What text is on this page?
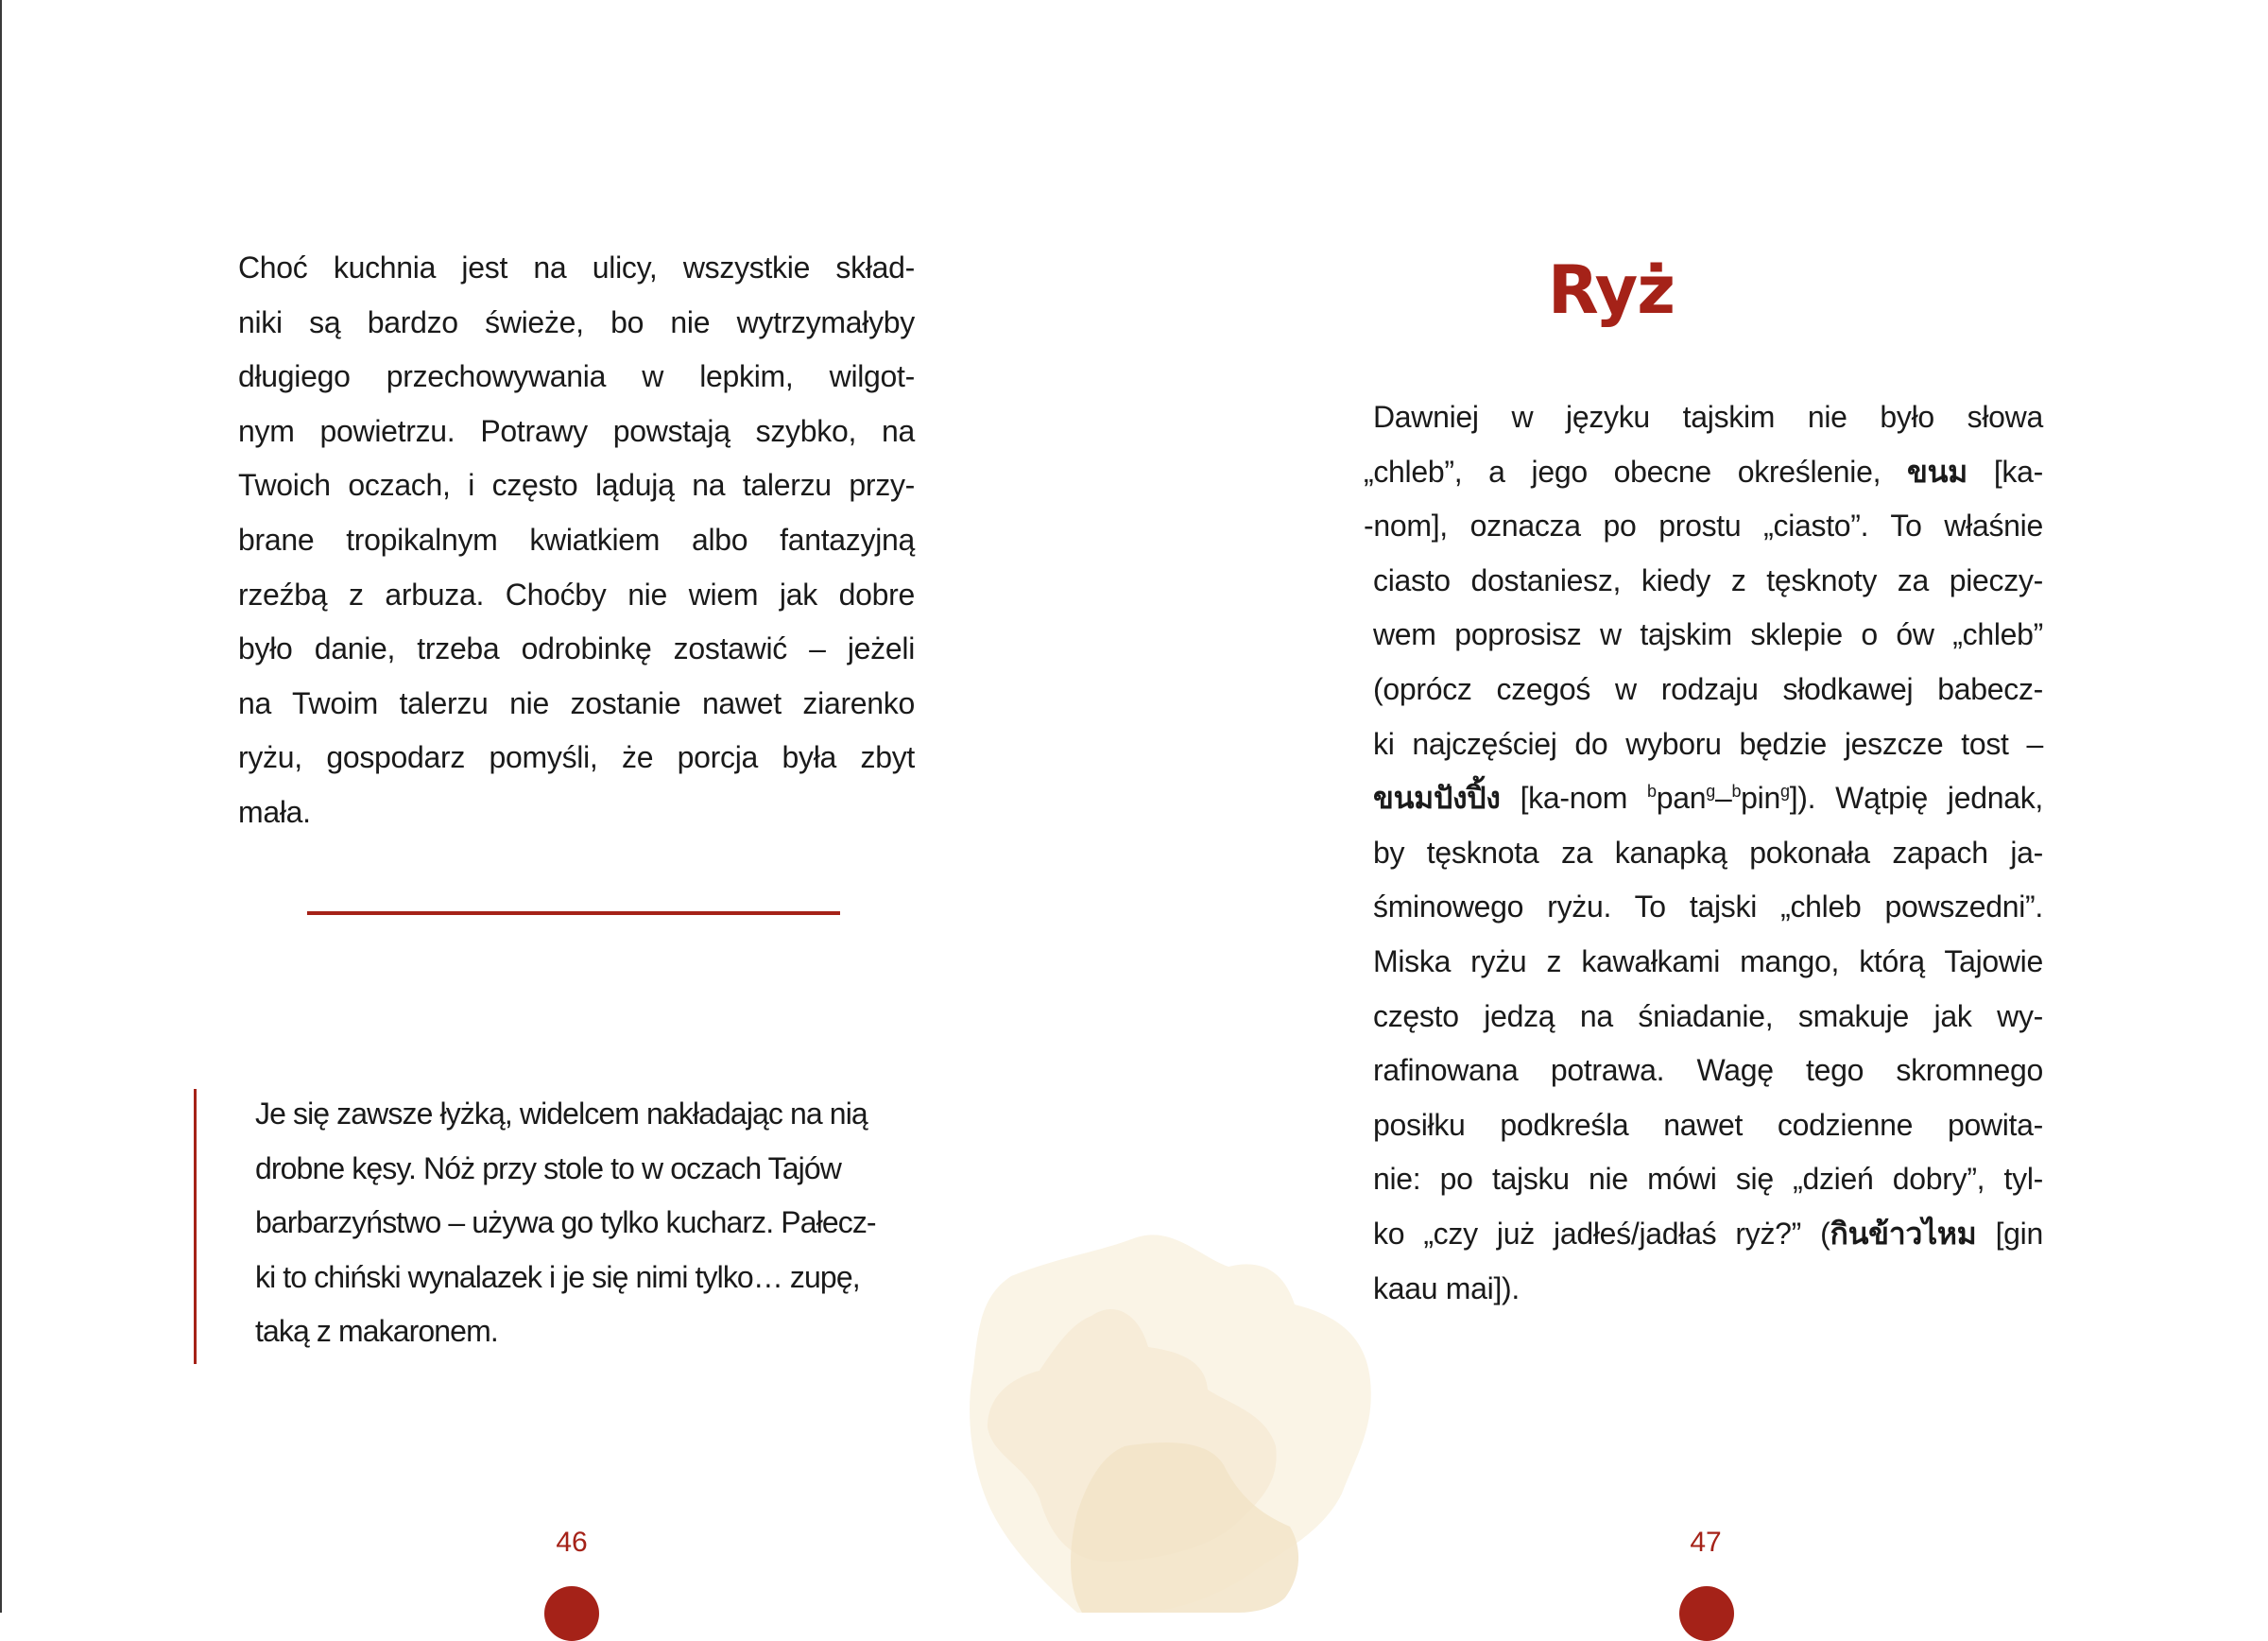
Choć kuchnia jest na ulicy, wszystkie skład-
niki są bardzo świeże, bo nie wytrzymałyby
długiego przechowywania w lepkim, wilgot-
nym powietrzu. Potrawy powstają szybko, na
Twoich oczach, i często lądują na talerzu przy-
brane tropikalnym kwiatkiem albo fantazyjną
rzeźbą z arbuza. Choćby nie wiem jak dobre
było danie, trzeba odrobinkę zostawić – jeżeli
na Twoim talerzu nie zostanie nawet ziarenko
ryżu, gospodarz pomyśli, że porcja była zbyt
mała.
Je się zawsze łyżką, widelcem nakładając na nią
drobne kęsy. Nóż przy stole to w oczach Tajów
barbarzyństwo – używa go tylko kucharz. Pałecz-
ki to chiński wynalazek i je się nimi tylko… zupę,
taką z makaronem.
46
Ryż
Dawniej w języku tajskim nie było słowa
„chleb”, a jego obecne określenie, ขนม [ka-
-nom], oznacza po prostu „ciasto”. To właśnie
ciasto dostaniesz, kiedy z tęsknoty za pieczy-
wem poprosisz w tajskim sklepie o ów „chleb”
(oprócz czegoś w rodzaju słodkawej babecz-
ki najczęściej do wyboru będzie jeszcze tost –
ขนมปังปิ้ง [ka-nom $^b$pan$^g$–$^b$pin$^g$]). Wątpię jednak,
by tęsknota za kanapką pokonała zapach ja-
śminowego ryżu. To tajski „chleb powszedni”.
Miska ryżu z kawałkami mango, którą Tajowie
często jedzą na śniadanie, smakuje jak wy-
rafinowana potrawa. Wagę tego skromnego
posiłku podkreśla nawet codzienne powita-
nie: po tajsku nie mówi się „dzień dobry”, tyl-
ko „czy już jadłeś/jadłaś ryż?” (กินข้าวไหม [gin
kaau mai]).
47
